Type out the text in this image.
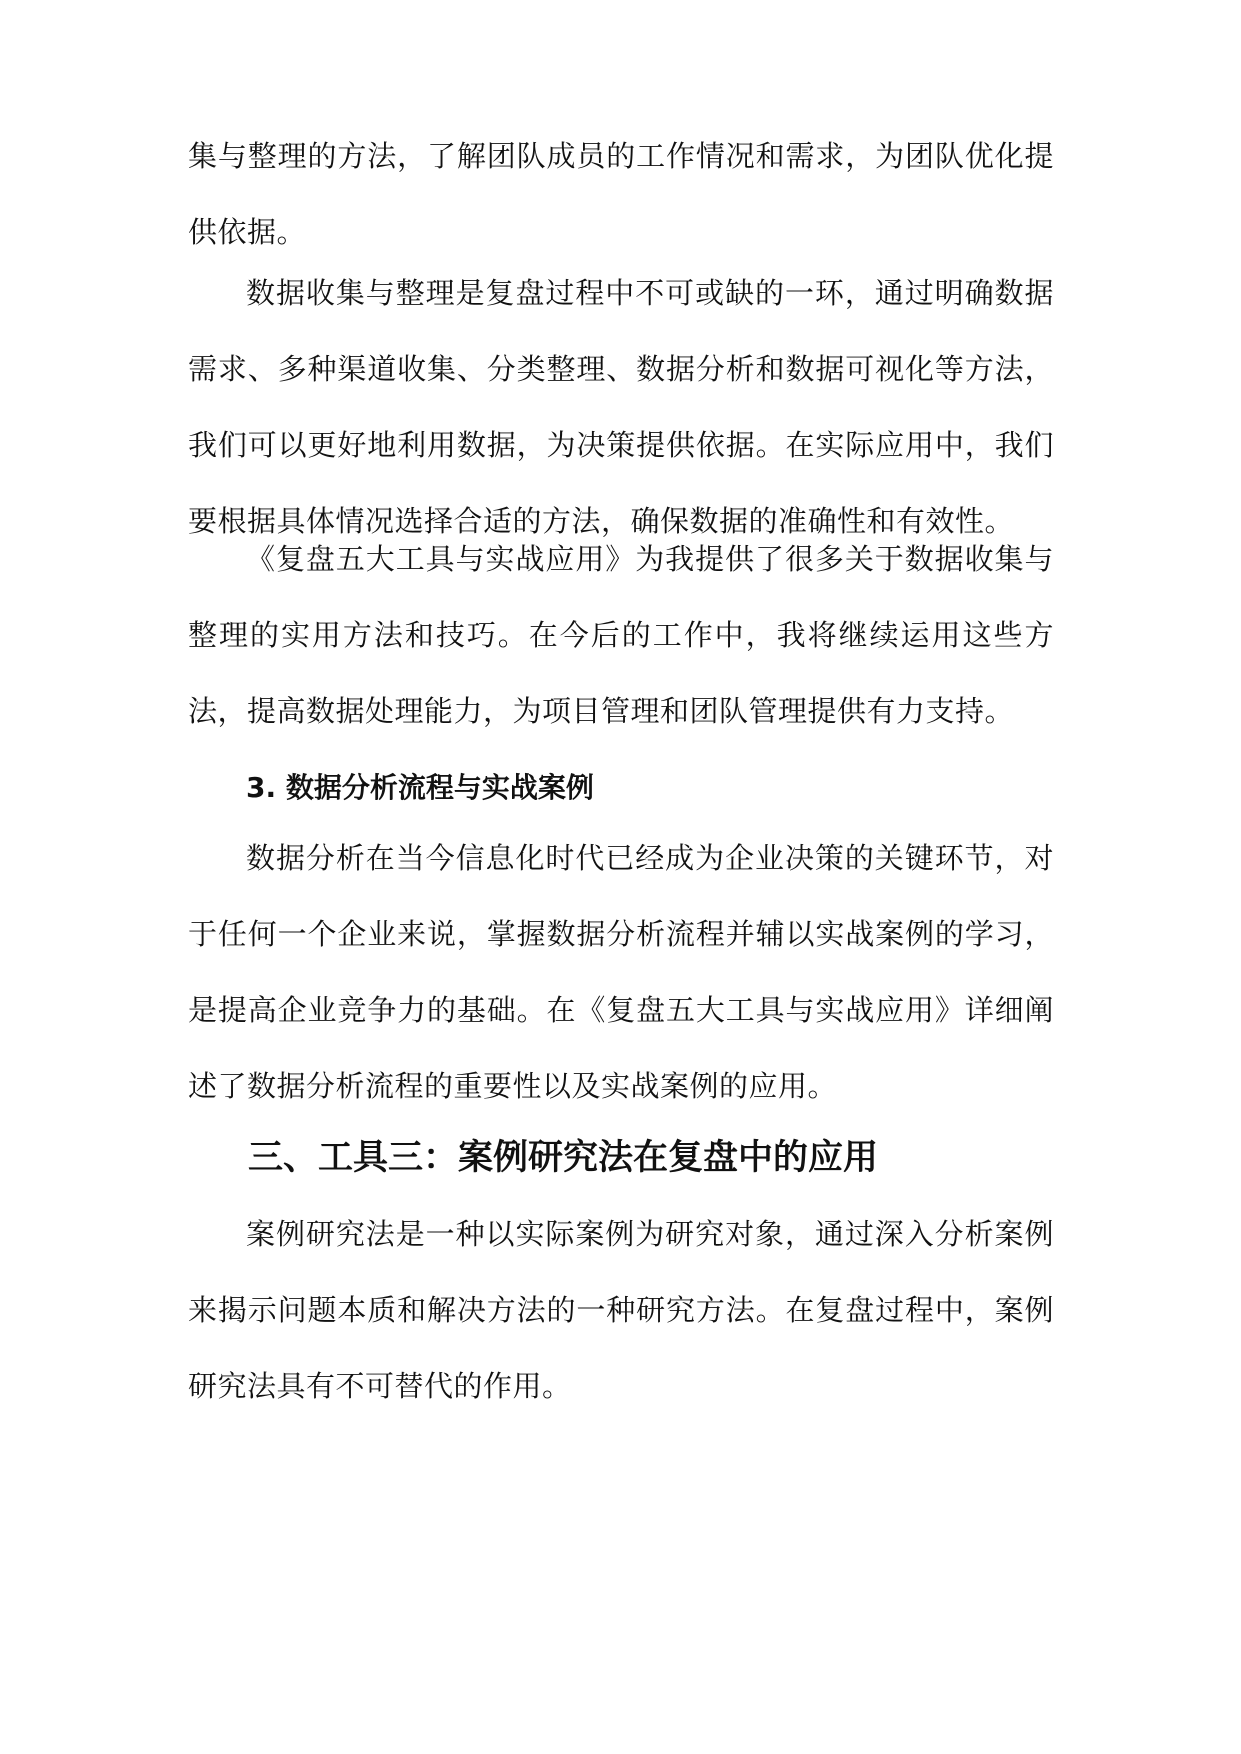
集与整理的方法，了解团队成员的工作情况和需求，为团队优化提供依据。

数据收集与整理是复盘过程中不可或缺的一环，通过明确数据需求、多种渠道收集、分类整理、数据分析和数据可视化等方法，我们可以更好地利用数据，为决策提供依据。在实际应用中，我们要根据具体情况选择合适的方法，确保数据的准确性和有效性。

《复盘五大工具与实战应用》为我提供了很多关于数据收集与整理的实用方法和技巧。在今后的工作中，我将继续运用这些方法，提高数据处理能力，为项目管理和团队管理提供有力支持。

3. 数据分析流程与实战案例

数据分析在当今信息化时代已经成为企业决策的关键环节，对于任何一个企业来说，掌握数据分析流程并辅以实战案例的学习，是提高企业竞争力的基础。在《复盘五大工具与实战应用》详细阐述了数据分析流程的重要性以及实战案例的应用。

三、工具三：案例研究法在复盘中的应用

案例研究法是一种以实际案例为研究对象，通过深入分析案例来揭示问题本质和解决方法的一种研究方法。在复盘过程中，案例研究法具有不可替代的作用。
